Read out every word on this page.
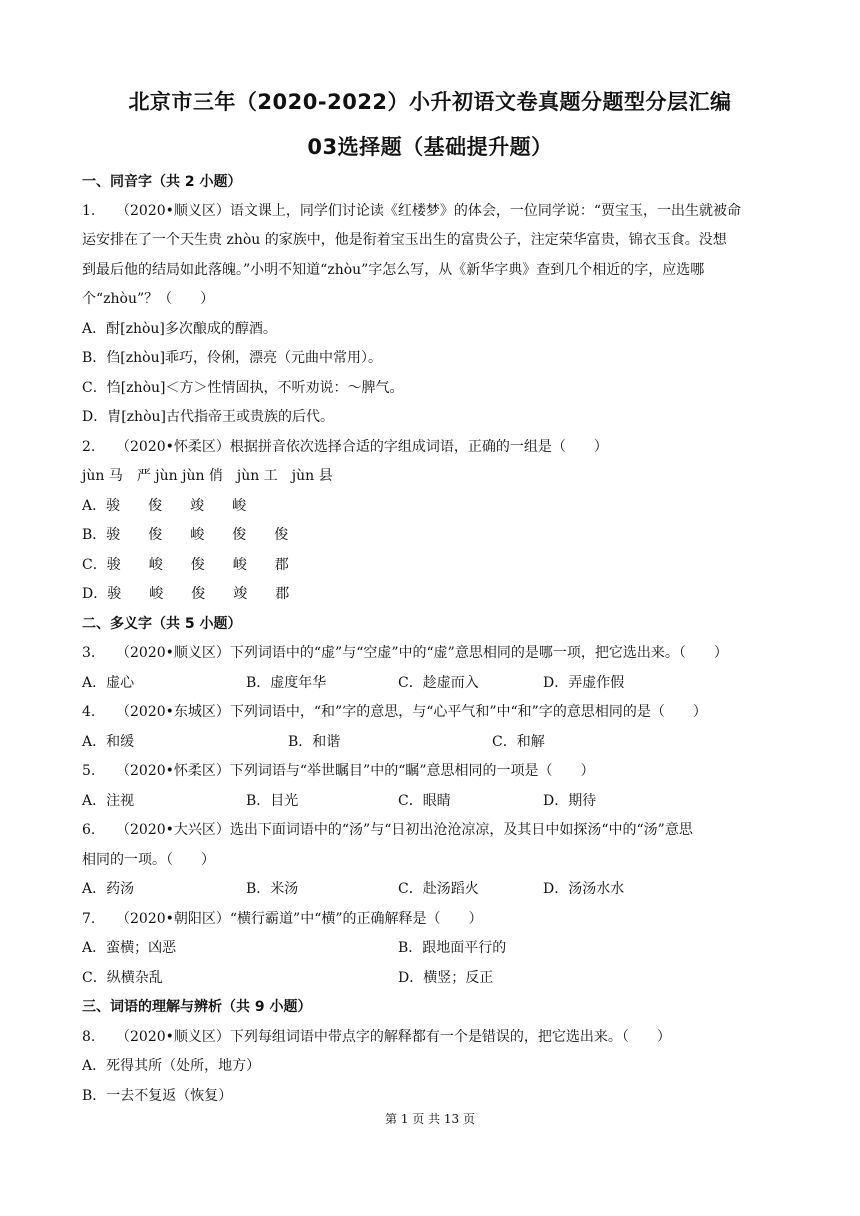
北京市三年（2020-2022）小升初语文卷真题分题型分层汇编
03选择题（基础提升题）
一、同音字（共 2 小题）
1. （2020•顺义区）语文课上，同学们讨论读《红楼梦》的体会，一位同学说：“贾宝玉，一出生就被命
运安排在了一个天生贵 zhòu 的家族中，他是衔着宝玉出生的富贵公子，注定荣华富贵，锦衣玉食。没想
到最后他的结局如此落魄。”小明不知道“zhòu”字怎么写，从《新华字典》查到几个相近的字，应选哪
个“zhòu”？（　　）
A．酎[zhòu]多次酿成的醇酒。
B．㑇[zhòu]乖巧，伶俐，漂亮（元曲中常用）。
C．㤘[zhòu]＜方＞性情固执，不听劝说：～脾气。
D．胄[zhòu]古代指帝王或贵族的后代。
2. （2020•怀柔区）根据拼音依次选择合适的字组成词语，正确的一组是（　　）
jùn 马　严 jùn jùn 俏　jùn 工　jùn 县
A．骏　　俊　　竣　　峻
B．骏　　俊　　峻　　俊　　俊
C．骏　　峻　　俊　　峻　　郡
D．骏　　峻　　俊　　竣　　郡
二、多义字（共 5 小题）
3. （2020•顺义区）下列词语中的“虚”与“空虚”中的“虚”意思相同的是哪一项，把它选出来。（　　）
A．虚心	B．虚度年华	C．趁虚而入	D．弄虚作假
4. （2020•东城区）下列词语中，“和”字的意思，与“心平气和”中“和”字的意思相同的是（　　）
A．和缓	B．和谐	C．和解
5. （2020•怀柔区）下列词语与“举世瞩目”中的“瞩”意思相同的一项是（　　）
A．注视	B．目光	C．眼睛	D．期待
6. （2020•大兴区）选出下面词语中的“汤”与“日初出沧沧凉凉，及其日中如探汤“中的“汤”意思
相同的一项。（　　）
A．药汤	B．米汤	C．赴汤蹈火	D．汤汤水水
7. （2020•朝阳区）“横行霸道”中“横”的正确解释是（　　）
A．蛮横；凶恶	B．跟地面平行的
C．纵横杂乱	D．横竖；反正
三、词语的理解与辨析（共 9 小题）
8. （2020•顺义区）下列每组词语中带点字的解释都有一个是错误的，把它选出来。（　　）
A．死得其所（处所，地方）
B．一去不复返（恢复）
第 1 页 共 13 页
